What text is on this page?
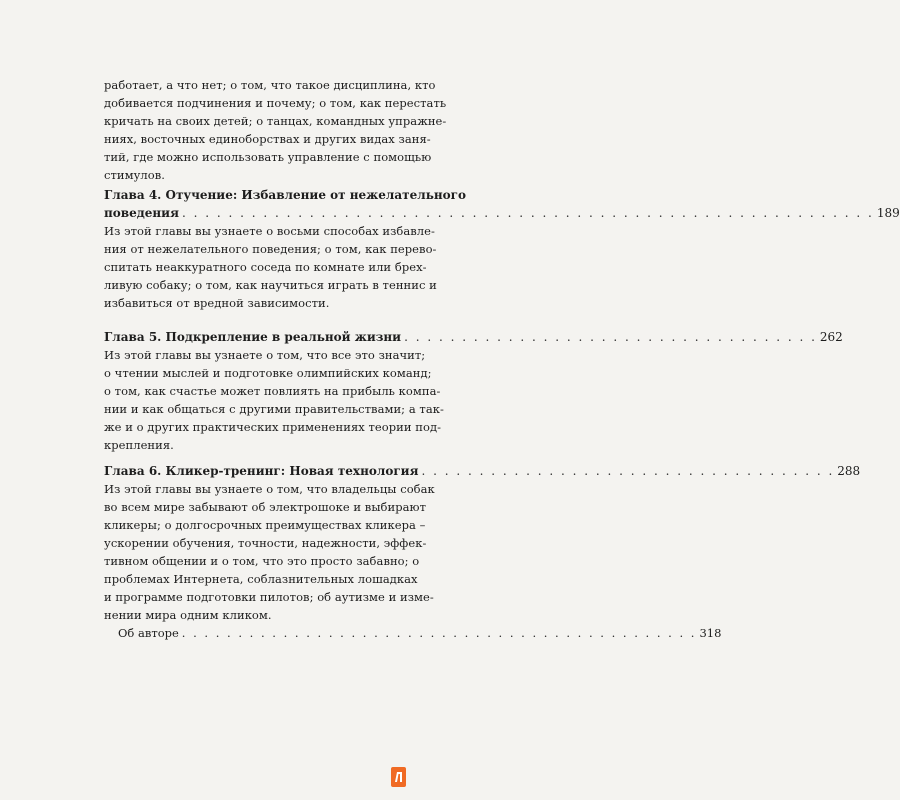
работает, а что нет; о том, что такое дисциплина, кто

добивается подчинения и почему; о том, как перестать

кричать на своих детей; о танцах, командных упражне-

ниях, восточных единоборствах и других видах заня-

тий, где можно использовать управление с помощью

стимулов.

Глава 4. Отучение: Избавление от нежелательного

поведения . . . . . . . . . . . . . . . . . . . . . . . . . . . . . . . . . . . . . . . . . . . . . . . . . . . . . . . . . . . . 189

Из этой главы вы узнаете о восьми способах избавле-

ния от нежелательного поведения; о том, как перево-

спитать неаккуратного соседа по комнате или брех-

ливую собаку; о том, как научиться играть в теннис и

избавиться от вредной зависимости.

Глава 5. Подкрепление в реальной жизни . . . . . . . . . . . . . . . . . . . . . . . . . . . . . . . . . . . . 262

Из этой главы вы узнаете о том, что все это значит;

о чтении мыслей и подготовке олимпийских команд;

о том, как счастье может повлиять на прибыль компа-

нии и как общаться с другими правительствами; а так-

же и о других практических применениях теории под-

крепления.

Глава 6. Кликер-тренинг: Новая технология . . . . . . . . . . . . . . . . . . . . . . . . . . . . . . . . . . . . 288

Из этой главы вы узнаете о том, что владельцы собак

во всем мире забывают об электрошоке и выбирают

кликеры; о долгосрочных преимуществах кликера –

ускорении обучения, точности, надежности, эффек-

тивном общении и о том, что это просто забавно; о

проблемах Интернета, соблазнительных лошадках

и программе подготовки пилотов; об аутизме и изме-

нении мира одним кликом.

Об авторе . . . . . . . . . . . . . . . . . . . . . . . . . . . . . . . . . . . . . . . . . . . . . . 318
